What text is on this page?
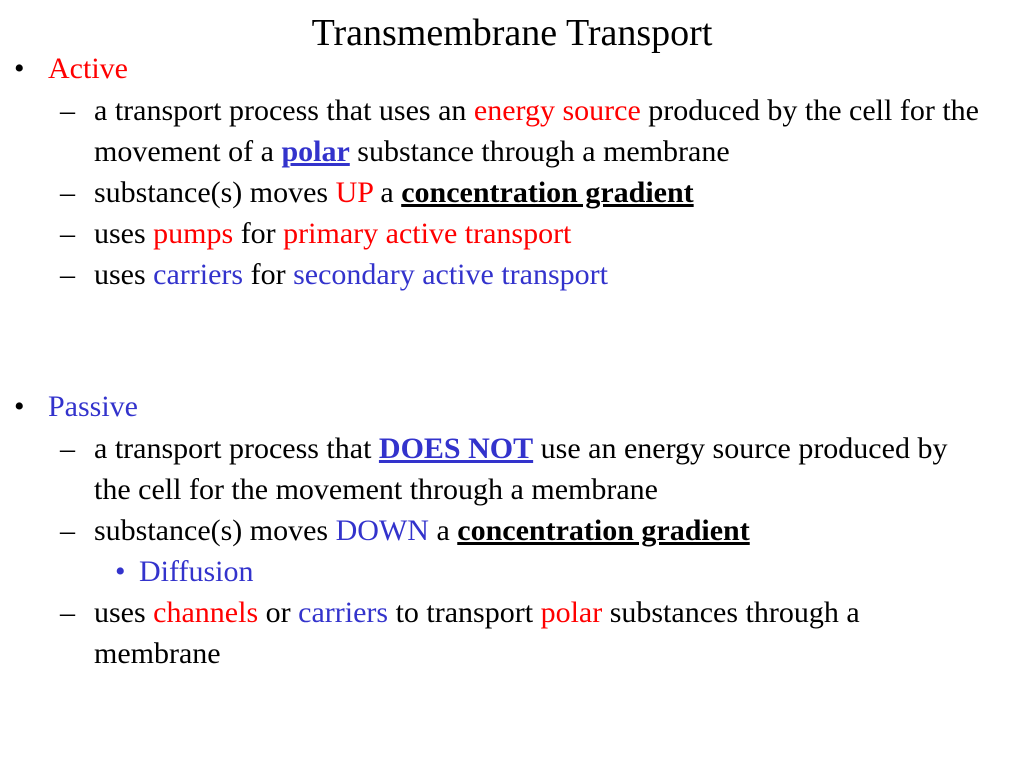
Transmembrane Transport
• Active
– a transport process that uses an energy source produced by the cell for the movement of a polar substance through a membrane
– substance(s) moves UP a concentration gradient
– uses pumps for primary active transport
– uses carriers for secondary active transport
• Passive
– a transport process that DOES NOT use an energy source produced by the cell for the movement through a membrane
– substance(s) moves DOWN a concentration gradient
• Diffusion
– uses channels or carriers to transport polar substances through a membrane
